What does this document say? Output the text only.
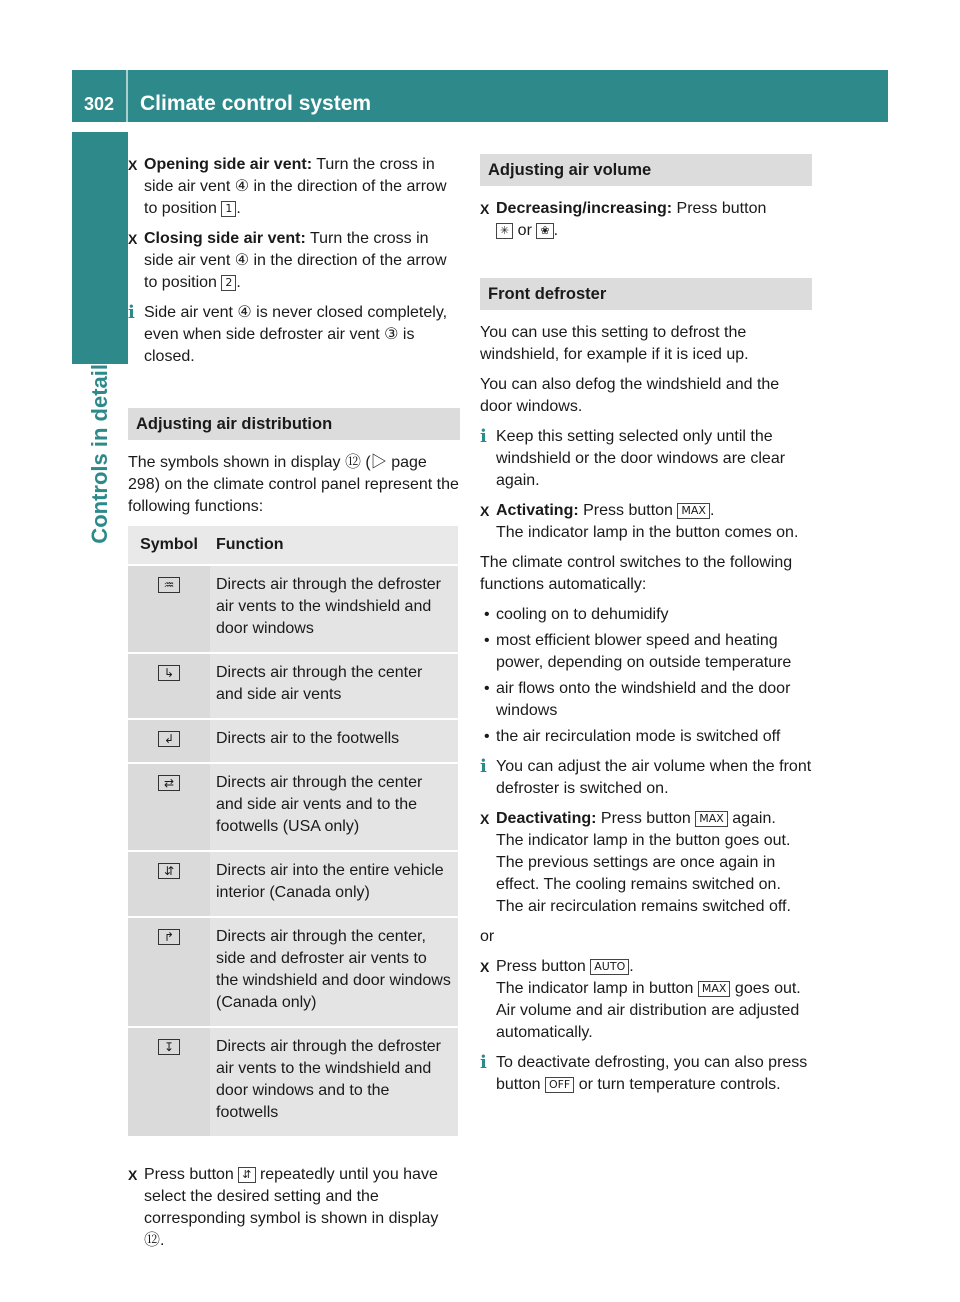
302	Climate control system
Controls in detail
X Opening side air vent: Turn the cross in side air vent ④ in the direction of the arrow to position 1 .
X Closing side air vent: Turn the cross in side air vent ④ in the direction of the arrow to position 2 .
i Side air vent ④ is never closed completely, even when side defroster air vent ③ is closed.
Adjusting air distribution

The symbols shown in display ⑫ (▷ page 298) on the climate control panel represent the following functions:

Symbol	Function
♒	Directs air through the defroster air vents to the windshield and door windows
↳	Directs air through the center and side air vents
↲	Directs air to the footwells
⇄	Directs air through the center and side air vents and to the footwells (USA only)
⇵	Directs air into the entire vehicle interior (Canada only)
↱	Directs air through the center, side and defroster air vents to the windshield and door windows (Canada only)
↧	Directs air through the defroster air vents to the windshield and door windows and to the footwells
X Press button ⇵ repeatedly until you have select the desired setting and the corresponding symbol is shown in display ⑫.
Adjusting air volume
X Decreasing/increasing: Press button
✳ or ❀ .
Front defroster

You can use this setting to defrost the windshield, for example if it is iced up.

You can also defog the windshield and the door windows.

i Keep this setting selected only until the windshield or the door windows are clear again.
X Activating: Press button MAX .
The indicator lamp in the button comes on.

The climate control switches to the following functions automatically:

• cooling on to dehumidify
• most efficient blower speed and heating power, depending on outside temperature
• air flows onto the windshield and the door windows
• the air recirculation mode is switched off
i You can adjust the air volume when the front defroster is switched on.
X Deactivating: Press button MAX again.
The indicator lamp in the button goes out. The previous settings are once again in effect. The cooling remains switched on. The air recirculation remains switched off.

or

X Press button AUTO .
The indicator lamp in button MAX goes out. Air volume and air distribution are adjusted automatically.
i To deactivate defrosting, you can also press button OFF or turn temperature controls.
